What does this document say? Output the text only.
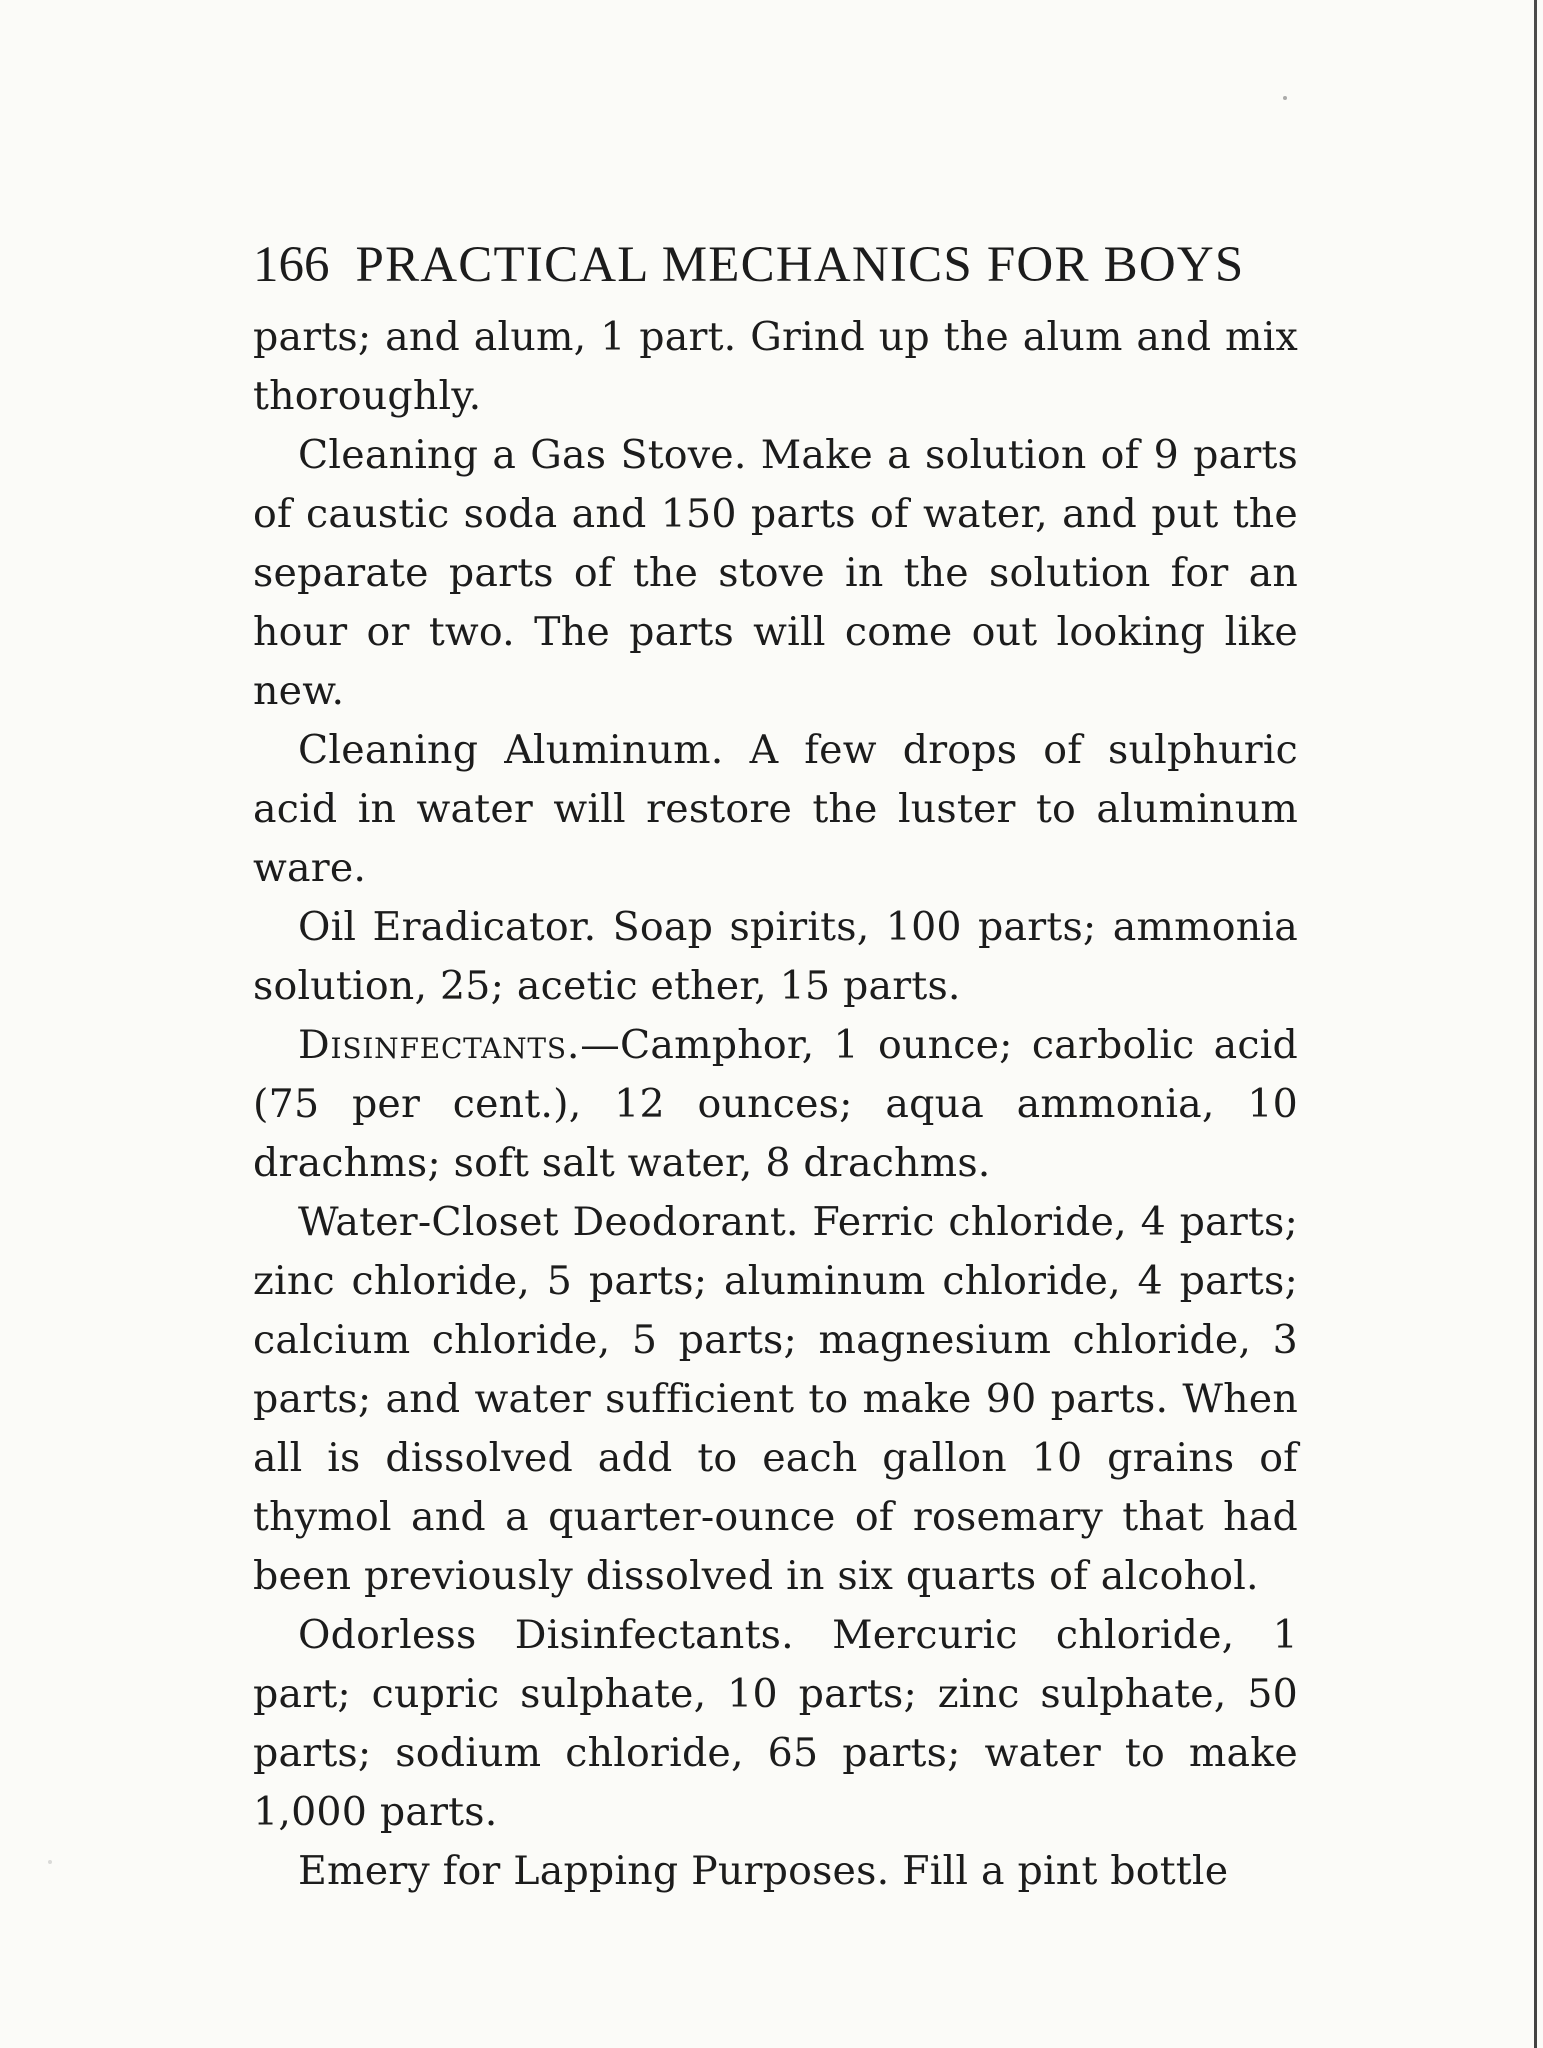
166 PRACTICAL MECHANICS FOR BOYS

parts; and alum, 1 part. Grind up the alum and mix thoroughly.

Cleaning a Gas Stove. Make a solution of 9 parts of caustic soda and 150 parts of water, and put the separate parts of the stove in the solution for an hour or two. The parts will come out looking like new.

Cleaning Aluminum. A few drops of sulphuric acid in water will restore the luster to aluminum ware.

Oil Eradicator. Soap spirits, 100 parts; ammonia solution, 25; acetic ether, 15 parts.

Disinfectants.—Camphor, 1 ounce; carbolic acid (75 per cent.), 12 ounces; aqua ammonia, 10 drachms; soft salt water, 8 drachms.

Water-Closet Deodorant. Ferric chloride, 4 parts; zinc chloride, 5 parts; aluminum chloride, 4 parts; calcium chloride, 5 parts; magnesium chloride, 3 parts; and water sufficient to make 90 parts. When all is dissolved add to each gallon 10 grains of thymol and a quarter-ounce of rosemary that had been previously dissolved in six quarts of alcohol.

Odorless Disinfectants. Mercuric chloride, 1 part; cupric sulphate, 10 parts; zinc sulphate, 50 parts; sodium chloride, 65 parts; water to make 1,000 parts.

Emery for Lapping Purposes. Fill a pint bottle
